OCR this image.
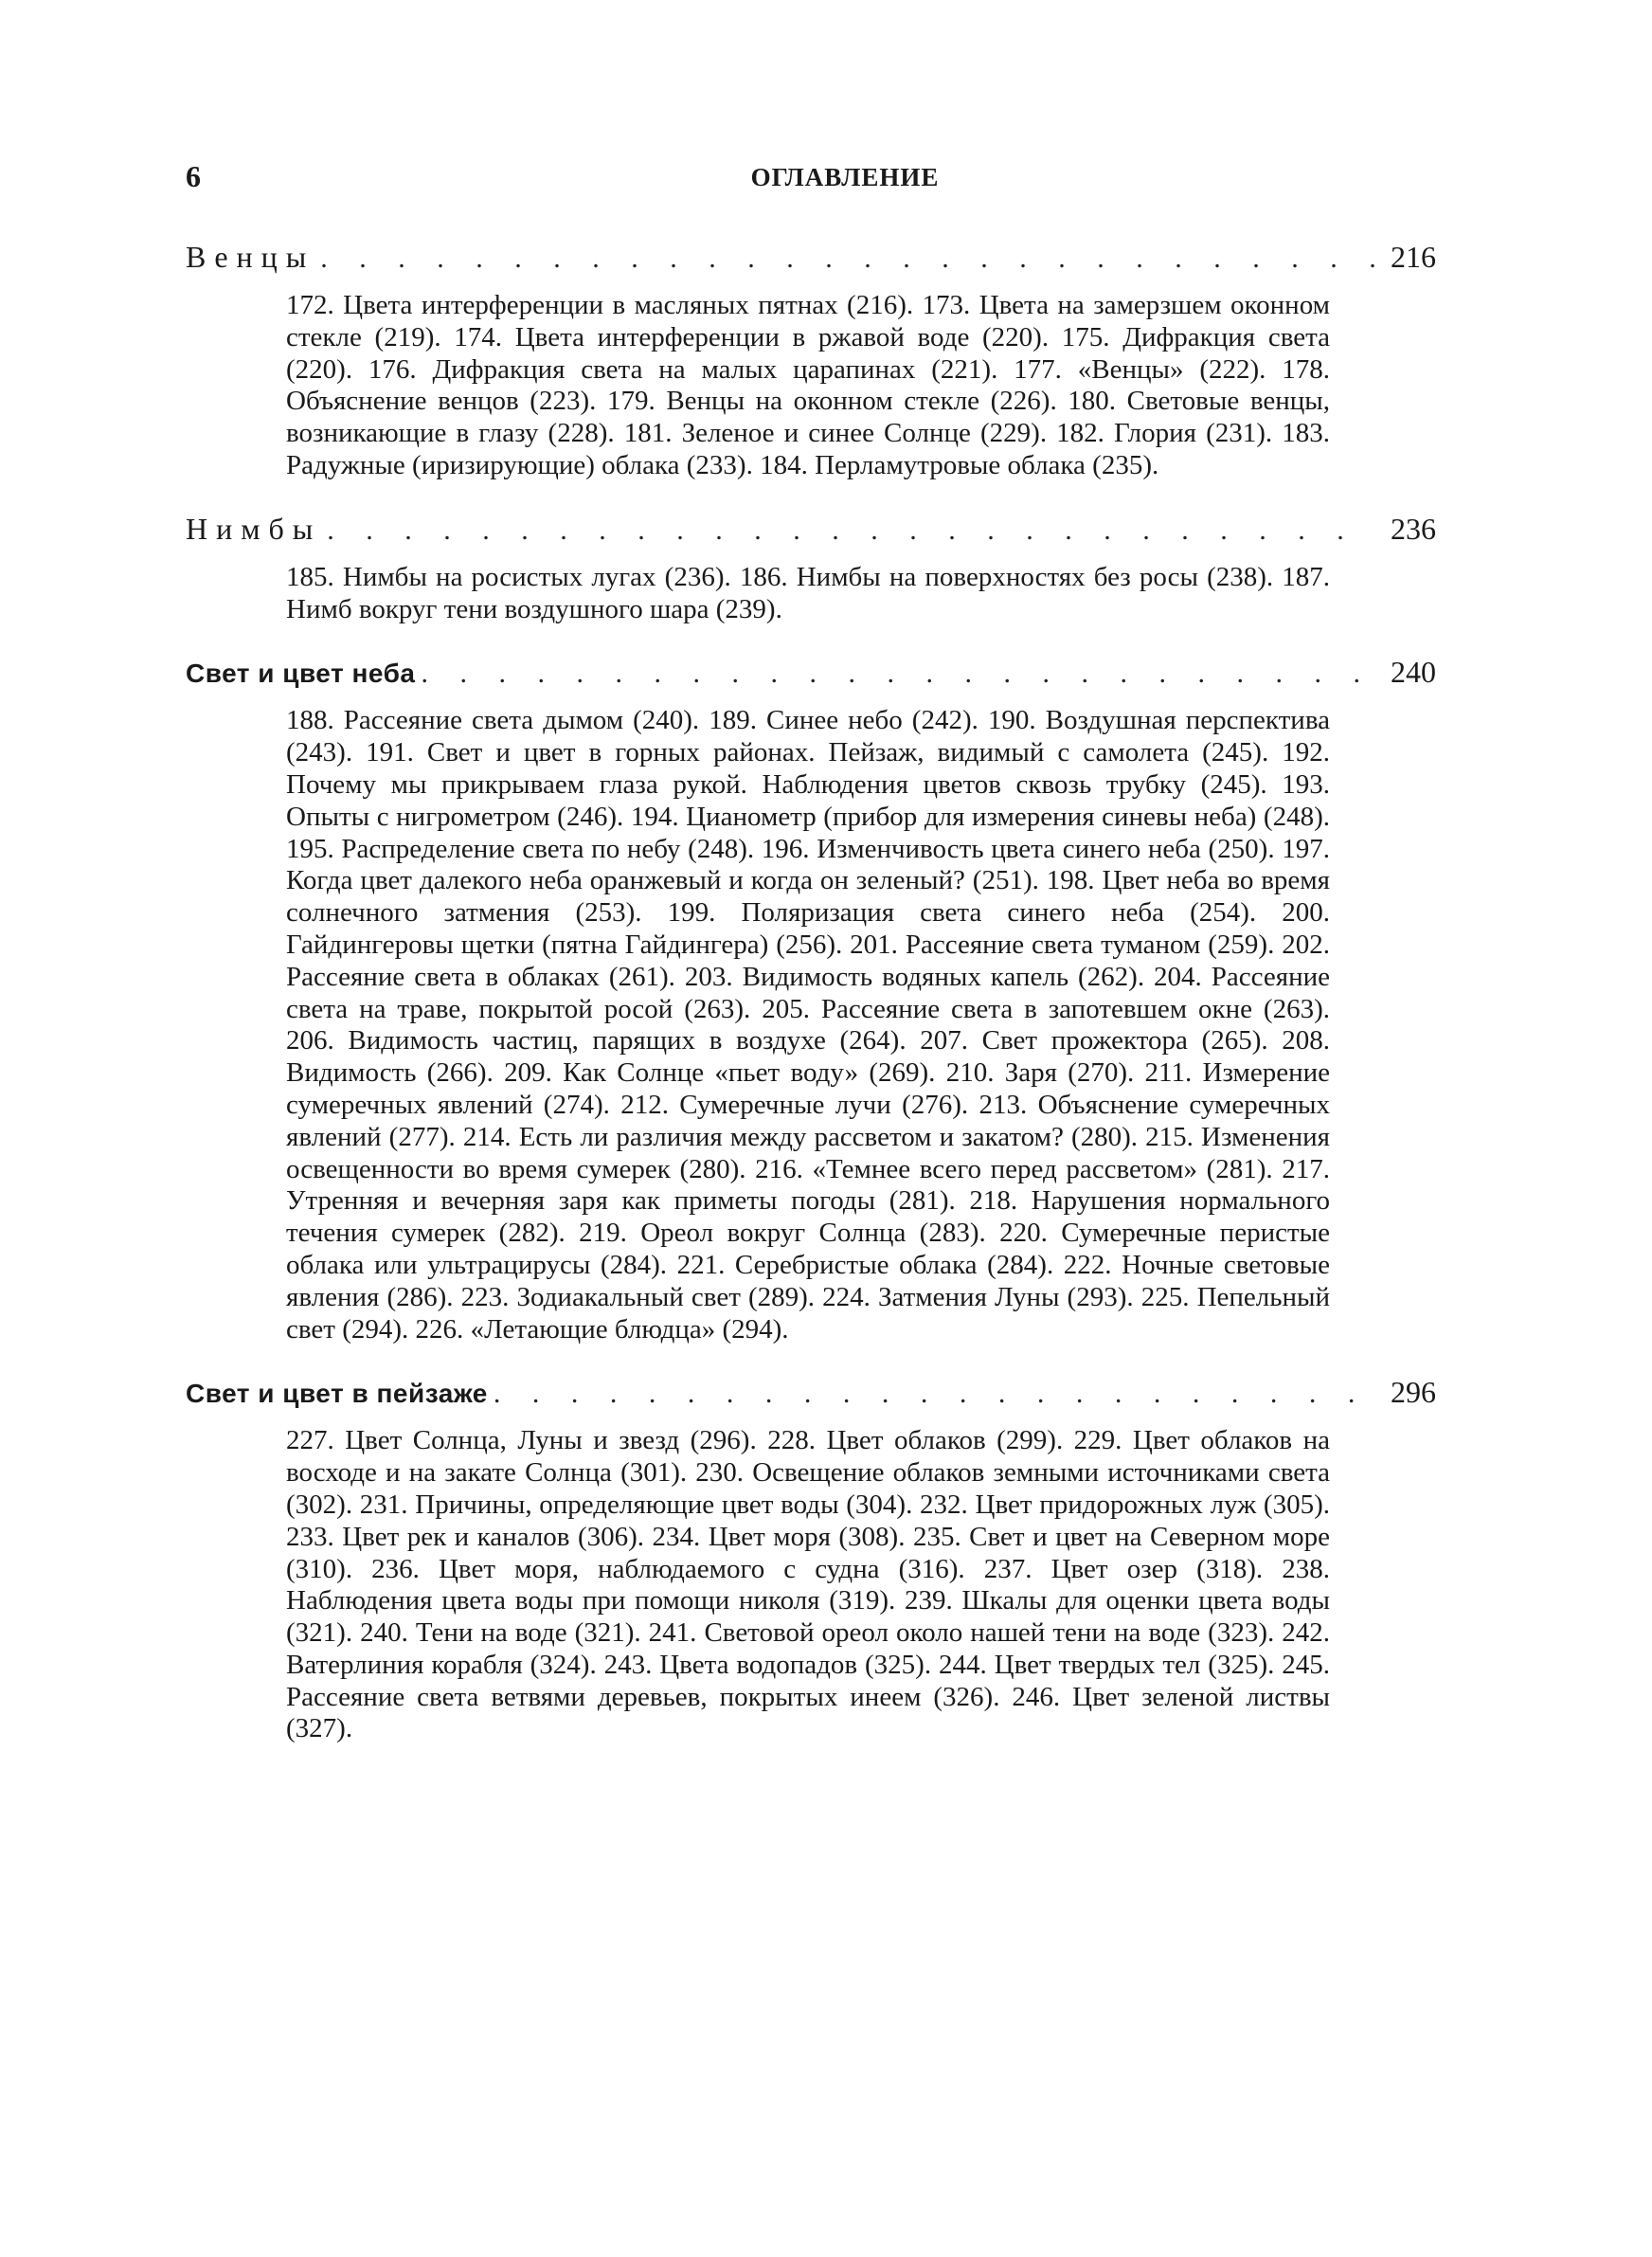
6	ОГЛАВЛЕНИЕ
Венцы . . .	216
172. Цвета интерференции в масляных пятнах (216). 173. Цвета на замерзшем оконном стекле (219). 174. Цвета интерференции в ржавой воде (220). 175. Дифракция света (220). 176. Дифракция света на малых царапинах (221). 177. «Венцы» (222). 178. Объяснение венцов (223). 179. Венцы на оконном стекле (226). 180. Световые венцы, возникающие в глазу (228). 181. Зеленое и синее Солнце (229). 182. Глория (231). 183. Радужные (иризирующие) облака (233). 184. Перламутровые облака (235).
Нимбы . . .	236
185. Нимбы на росистых лугах (236). 186. Нимбы на поверхностях без росы (238). 187. Нимб вокруг тени воздушного шара (239).
Свет и цвет неба . . .	240
188. Рассеяние света дымом (240). 189. Синее небо (242). 190. Воздушная перспектива (243). 191. Свет и цвет в горных районах. Пейзаж, видимый с самолета (245). 192. Почему мы прикрываем глаза рукой. Наблюдения цветов сквозь трубку (245). 193. Опыты с нигрометром (246). 194. Цианометр (прибор для измерения синевы неба) (248). 195. Распределение света по небу (248). 196. Изменчивость цвета синего неба (250). 197. Когда цвет далекого неба оранжевый и когда он зеленый? (251). 198. Цвет неба во время солнечного затмения (253). 199. Поляризация света синего неба (254). 200. Гайдингеровы щетки (пятна Гайдингера) (256). 201. Рассеяние света туманом (259). 202. Рассеяние света в облаках (261). 203. Видимость водяных капель (262). 204. Рассеяние света на траве, покрытой росой (263). 205. Рассеяние света в запотевшем окне (263). 206. Видимость частиц, парящих в воздухе (264). 207. Свет прожектора (265). 208. Видимость (266). 209. Как Солнце «пьет воду» (269). 210. Заря (270). 211. Измерение сумеречных явлений (274). 212. Сумеречные лучи (276). 213. Объяснение сумеречных явлений (277). 214. Есть ли различия между рассветом и закатом? (280). 215. Изменения освещенности во время сумерек (280). 216. «Темнее всего перед рассветом» (281). 217. Утренняя и вечерняя заря как приметы погоды (281). 218. Нарушения нормального течения сумерек (282). 219. Ореол вокруг Солнца (283). 220. Сумеречные перистые облака или ультрацирусы (284). 221. Серебристые облака (284). 222. Ночные световые явления (286). 223. Зодиакальный свет (289). 224. Затмения Луны (293). 225. Пепельный свет (294). 226. «Летающие блюдца» (294).
Свет и цвет в пейзаже . . .	296
227. Цвет Солнца, Луны и звезд (296). 228. Цвет облаков (299). 229. Цвет облаков на восходе и на закате Солнца (301). 230. Освещение облаков земными источниками света (302). 231. Причины, определяющие цвет воды (304). 232. Цвет придорожных луж (305). 233. Цвет рек и каналов (306). 234. Цвет моря (308). 235. Свет и цвет на Северном море (310). 236. Цвет моря, наблюдаемого с судна (316). 237. Цвет озер (318). 238. Наблюдения цвета воды при помощи николя (319). 239. Шкалы для оценки цвета воды (321). 240. Тени на воде (321). 241. Световой ореол около нашей тени на воде (323). 242. Ватерлиния корабля (324). 243. Цвета водопадов (325). 244. Цвет твердых тел (325). 245. Рассеяние света ветвями деревьев, покрытых инеем (326). 246. Цвет зеленой листвы (327).
